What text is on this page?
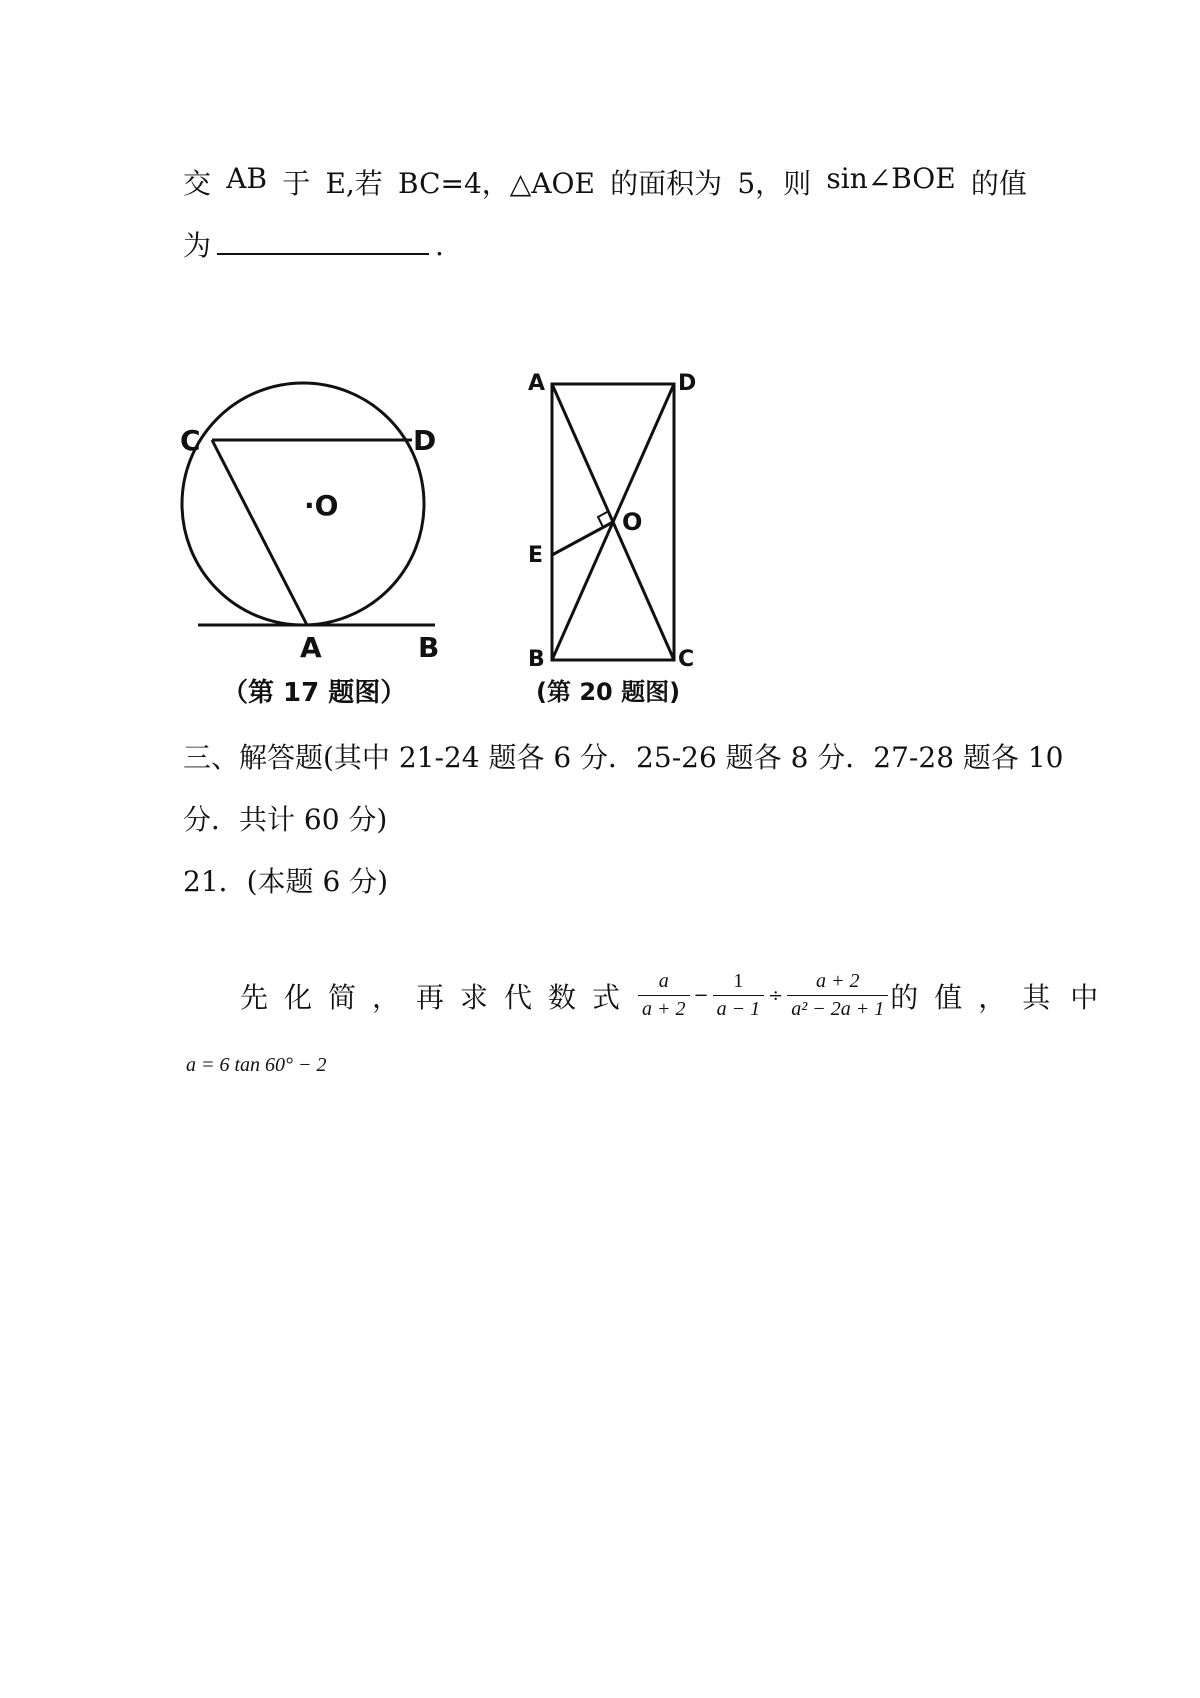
交 AB 于 E,若 BC=4，△AOE 的面积为 5，则 sin∠BOE 的值
为	.
C	D
·O
A	B
（第 17 题图）
A	D
O
E
B	C
(第 20 题图)
三、解答题(其中 21-24 题各 6 分．25-26 题各 8 分．27-28 题各 10
分．共计 60 分)
21．(本题 6 分)
先化简，再求代数式 $\frac{a}{a + 2} - \frac{1}{a - 1} \div \frac{a + 2}{\text{a² − 2a + 1}}$ 的值， 其中
a = 6 tan 60° − 2
